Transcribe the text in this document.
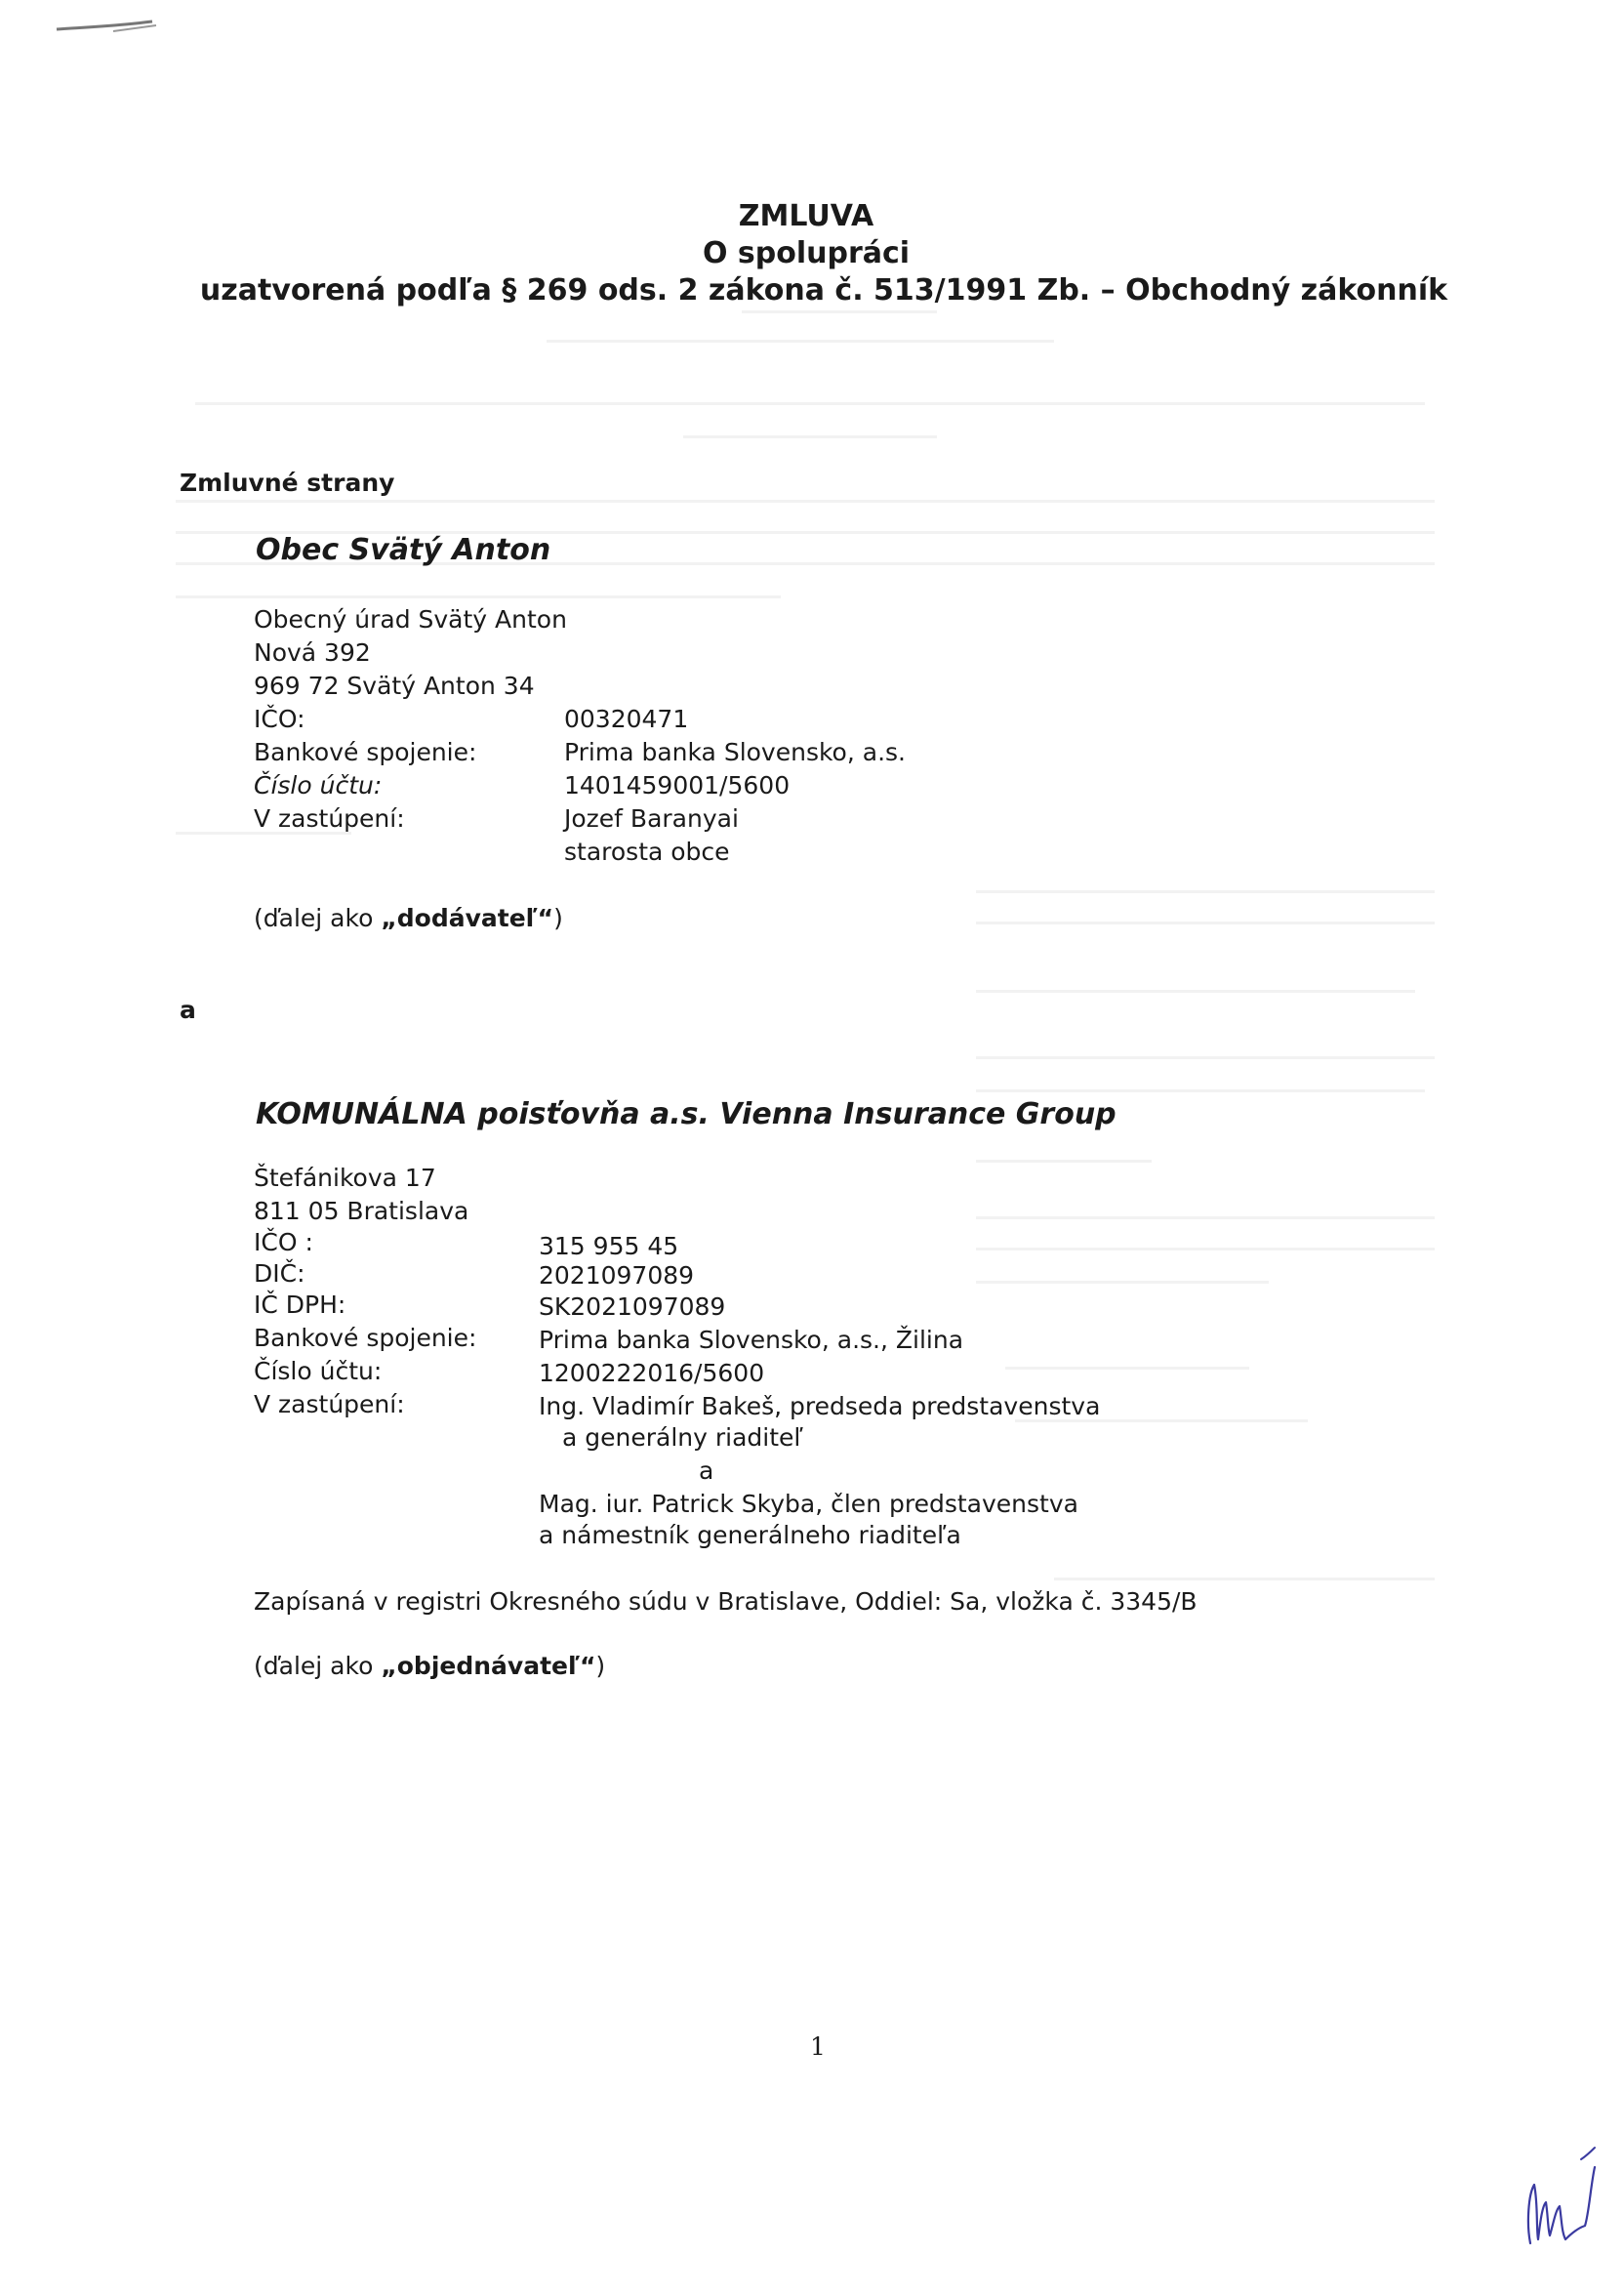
ZMLUVA
O spolupráci
uzatvorená podľa § 269 ods. 2 zákona č. 513/1991 Zb. – Obchodný zákonník
Zmluvné strany
Obec Svätý Anton
Obecný úrad Svätý Anton
Nová 392
969 72 Svätý Anton 34
IČO:	00320471
Bankové spojenie:	Prima banka Slovensko, a.s.
Číslo účtu:	1401459001/5600
V zastúpení:	Jozef Baranyai
starosta obce
(ďalej ako „dodávateľ“)
a
KOMUNÁLNA poisťovňa a.s. Vienna Insurance Group
Štefánikova 17
811 05 Bratislava
IČO :	315 955 45
DIČ:	2021097089
IČ DPH:	SK2021097089
Bankové spojenie:	Prima banka Slovensko, a.s., Žilina
Číslo účtu:	1200222016/5600
V zastúpení:	Ing. Vladimír Bakeš, predseda predstavenstva
a generálny riaditeľ
a
Mag. iur. Patrick Skyba, člen predstavenstva
a námestník generálneho riaditeľa
Zapísaná v registri Okresného súdu v Bratislave, Oddiel: Sa, vložka č. 3345/B
(ďalej ako „objednávateľ“)
1
